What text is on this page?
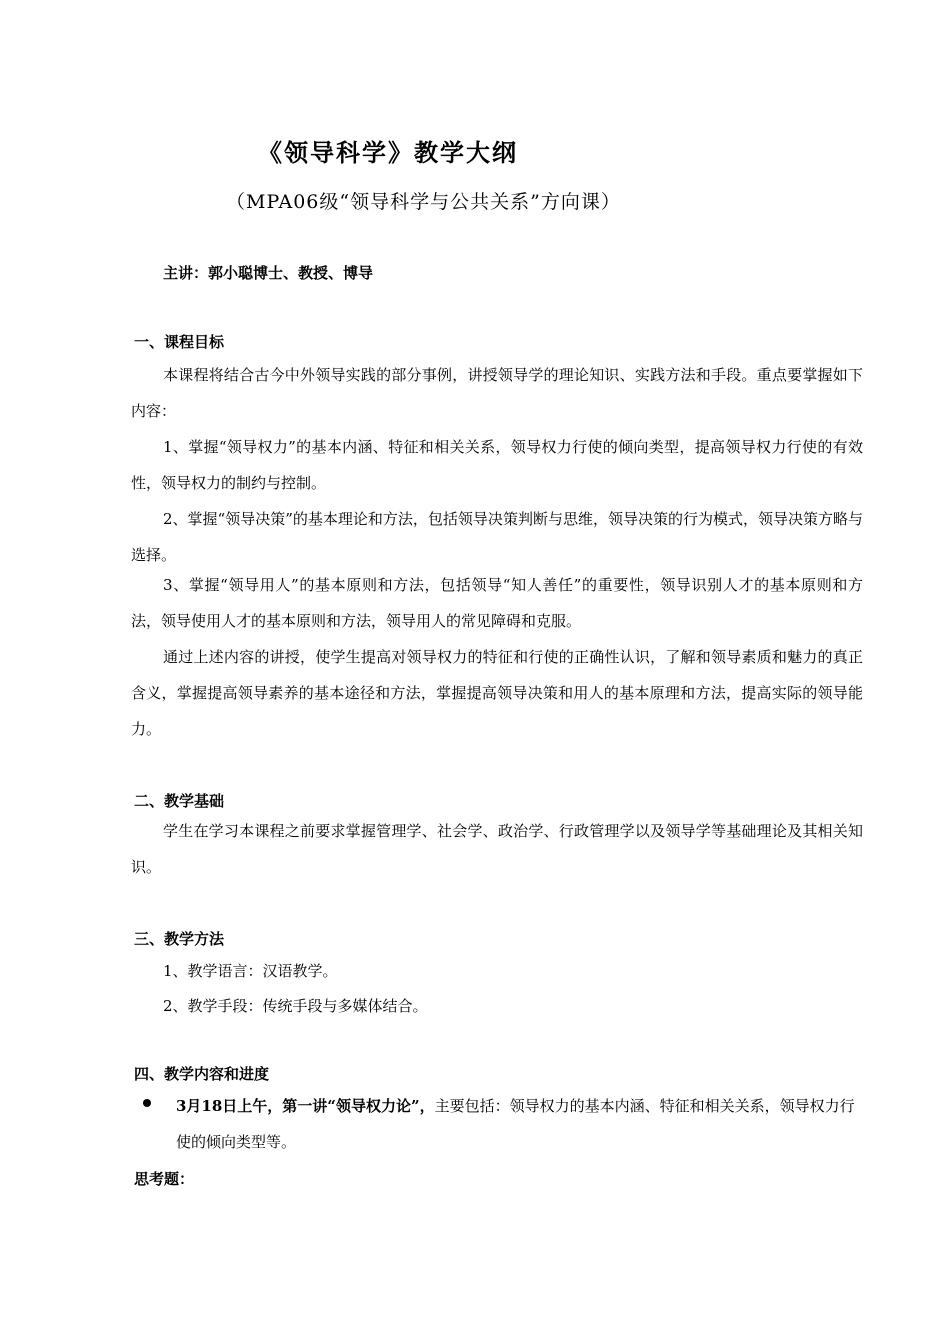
《领导科学》教学大纲
（MPA06级“领导科学与公共关系”方向课）
主讲：郭小聪博士、教授、博导
一、课程目标

本课程将结合古今中外领导实践的部分事例，讲授领导学的理论知识、实践方法和手段。重点要掌握如下内容：

1、掌握“领导权力”的基本内涵、特征和相关关系，领导权力行使的倾向类型，提高领导权力行使的有效性，领导权力的制约与控制。

2、掌握“领导决策”的基本理论和方法，包括领导决策判断与思维，领导决策的行为模式，领导决策方略与选择。

3、掌握“领导用人”的基本原则和方法，包括领导“知人善任”的重要性，领导识别人才的基本原则和方法，领导使用人才的基本原则和方法，领导用人的常见障碍和克服。

通过上述内容的讲授，使学生提高对领导权力的特征和行使的正确性认识，了解和领导素质和魅力的真正含义，掌握提高领导素养的基本途径和方法，掌握提高领导决策和用人的基本原理和方法，提高实际的领导能力。

二、教学基础

学生在学习本课程之前要求掌握管理学、社会学、政治学、行政管理学以及领导学等基础理论及其相关知识。

三、教学方法
1、教学语言：汉语教学。
2、教学手段：传统手段与多媒体结合。
四、教学内容和进度

3月18日上午，第一讲“领导权力论”，主要包括：领导权力的基本内涵、特征和相关关系，领导权力行使的倾向类型等。

思考题：
